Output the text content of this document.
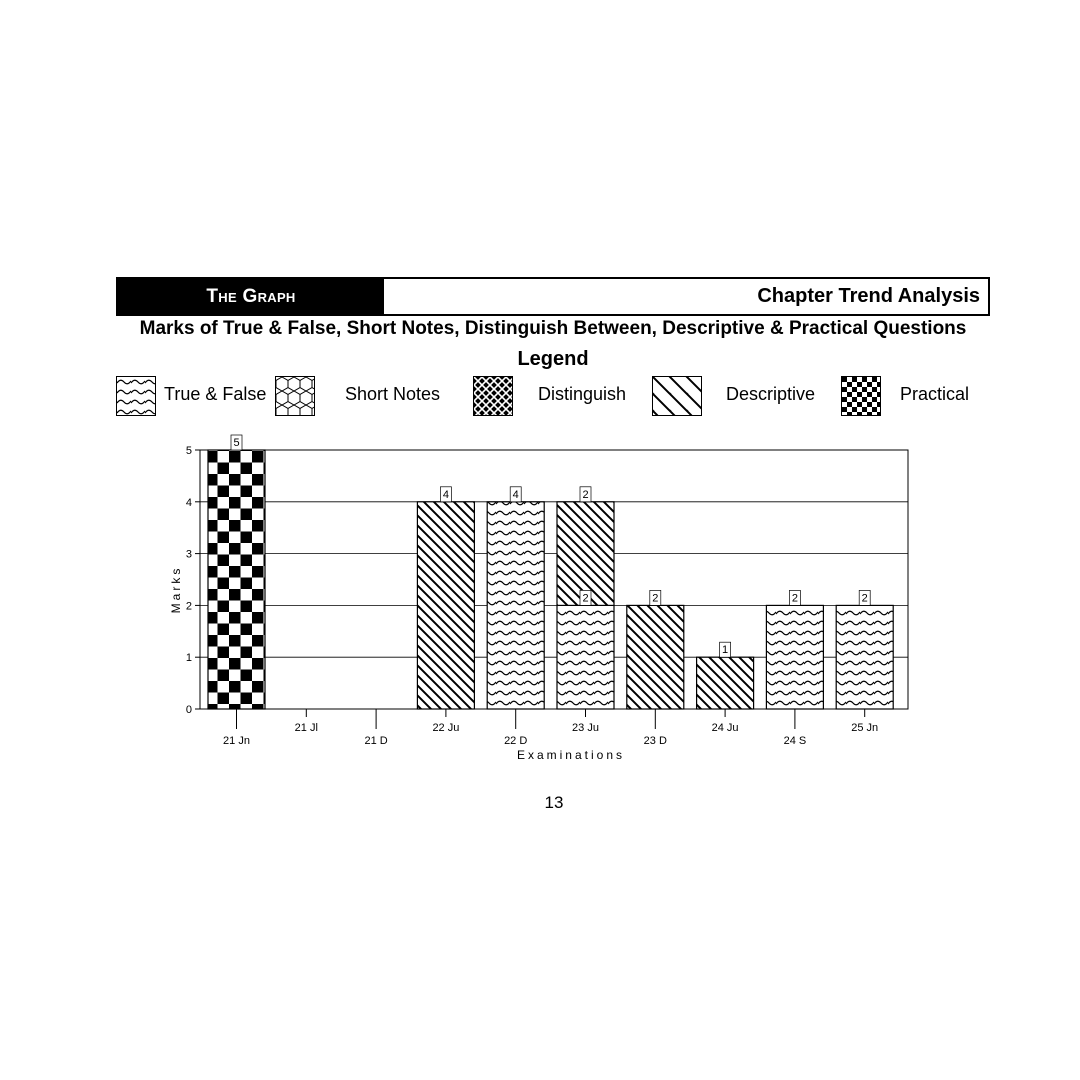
The Graph	Chapter Trend Analysis
Marks of True & False, Short Notes, Distinguish Between, Descriptive & Practical Questions
Legend
True & False	Short Notes	Distinguish	Descriptive	Practical
0
1
2
3
4
5
21 Jn
21 Jl
21 D
22 Ju
22 D
23 Ju
23 D
24 Ju
24 S
25 Jn
Examinations
Marks
5
4	4
2
2
2
1
2	2
13
